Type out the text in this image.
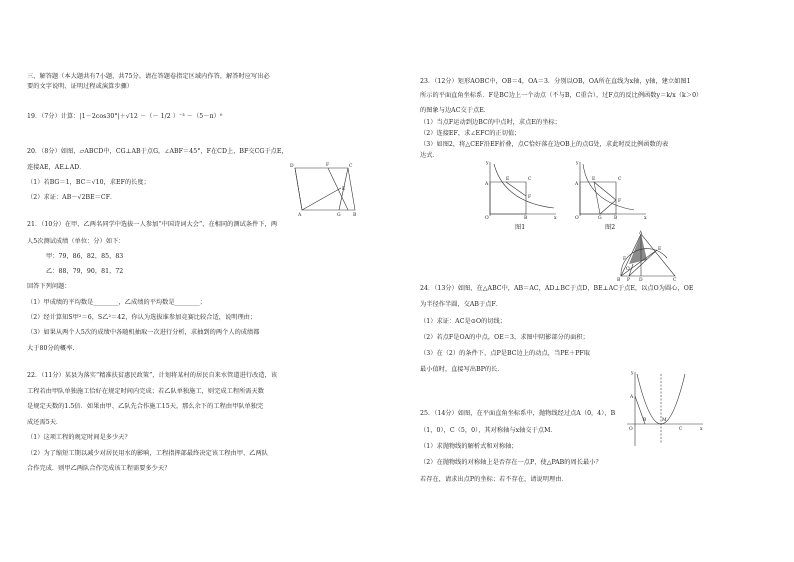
三、解答题（本大题共有7小题，共75分。请在答题卷指定区域内作答，解答时应写出必
要的文字说明、证明过程或演算步骤）
19．（7分）计算：|1－2cos30°|＋√12 －（－ 1/2 ）⁻³ －（5－π）⁰
20．（8分）如图，▱ABCD中，CG⊥AB于点G，∠ABF＝45°，F在CD上，BF交CG于点E，
连接AE，AE⊥AD．
（1）若BG＝1，BC＝√10，求EF的长度；
（2）求证：AB－√2BE＝CF．
D	F	C
E
A	G	B
21．（10分）在甲、乙两名同学中选拔一人参加“中国诗词大会”，在相同的测试条件下，两
人5次测试成绩（单位：分）如下：
甲：79，86，82，85，83
乙：88，79，90，81，72
回答下列问题：
（1）甲成绩的平均数是________，乙成绩的平均数是________；
（2）经计算知S甲²＝6，S乙²＝42，你认为选拔谁参加竞赛比较合适，说明理由；
（3）如果从两个人5次的成绩中各随机抽取一次进行分析，求抽到的两个人的成绩都
大于80分的概率.
22．（11分）某县为落实“精准扶贫惠民政策”，计划将某村的居民自来水管道进行改造，该
工程若由甲队单独施工恰好在规定时间内完成；若乙队单独施工，则完成工程所需天数
是规定天数的1.5倍．如果由甲、乙队先合作施工15天，那么余下的工程由甲队单独完
成还需5天．
（1）这项工程的规定时间是多少天？
（2）为了缩短工期以减少对居民用水的影响，工程指挥部最终决定该工程由甲、乙两队
合作完成．则甲乙两队合作完成该工程需要多少天？
23．（12分）矩形AOBC中，OB＝4，OA＝3．分别以OB，OA所在直线为x轴，y轴，建立如图1
所示的平面直角坐标系．F是BC边上一个动点（不与B，C重合），过F点的反比例函数y＝k/x（k＞0）
的图象与边AC交于点E．
（1）当点F运动到边BC的中点时，求点E的坐标；
（2）连接EF，求∠EFC的正切值；
（3）如图2，将△CEF沿EF折叠，点C恰好落在边OB上的点G处，求此时反比例函数的表
达式．
y
A
E	C
F
O	B	x
图1
y
A
E	C
F
O	G	B	x
图2
A
E
F
O
B P D	C
24．（13分）如图，在△ABC中，AB＝AC，AD⊥BC于点D，BE⊥AC于点E，以点O为圆心，OE
为半径作半圆，交AB于点F．
（1）求证：AC是⊙O的切线；
（2）若点F是OA的中点，OE＝3，求图中阴影部分的面积；
（3）在（2）的条件下，点P是BC边上的动点，当PE＋PF取
最小值时，直接写出BP的长．
y
A
O
B	M
C	x
25．（14分）如图，在平面直角坐标系中，抛物线经过点A（0，4），B
（1，0），C（5，0），其对称轴与x轴交于点M．
（1）求抛物线的解析式和对称轴；
（2）在抛物线的对称轴上是否存在一点P，使△PAB的周长最小？
若存在，请求出点P的坐标；若不存在，请说明理由．
